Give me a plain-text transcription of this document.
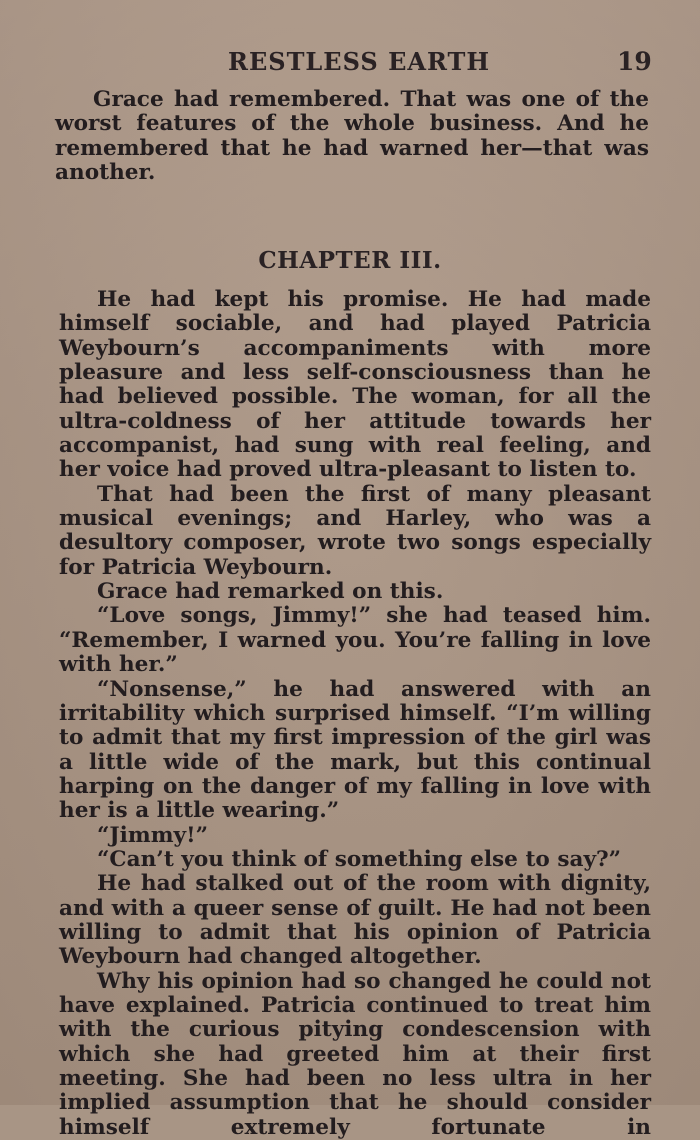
RESTLESS EARTH	19

Grace had remembered. That was one of the worst features of the whole business. And he remembered that he had warned her—that was another.

CHAPTER III.

He had kept his promise. He had made himself sociable, and had played Patricia Weybourn’s accompaniments with more pleasure and less self-consciousness than he had believed possible. The woman, for all the ultra-coldness of her attitude towards her accompanist, had sung with real feeling, and her voice had proved ultra-pleasant to listen to.

That had been the first of many pleasant musical evenings; and Harley, who was a desultory composer, wrote two songs especially for Patricia Weybourn.

Grace had remarked on this.

“Love songs, Jimmy!” she had teased him. “Remember, I warned you. You’re falling in love with her.”

“Nonsense,” he had answered with an irritability which surprised himself. “I’m willing to admit that my first impression of the girl was a little wide of the mark, but this continual harping on the danger of my falling in love with her is a little wearing.”

“Jimmy!”

“Can’t you think of something else to say?”

He had stalked out of the room with dignity, and with a queer sense of guilt. He had not been willing to admit that his opinion of Patricia Weybourn had changed altogether.

Why his opinion had so changed he could not have explained. Patricia continued to treat him with the curious pitying condescension with which she had greeted him at their first meeting. She had been no less ultra in her implied assumption that he should consider himself extremely fortunate in
